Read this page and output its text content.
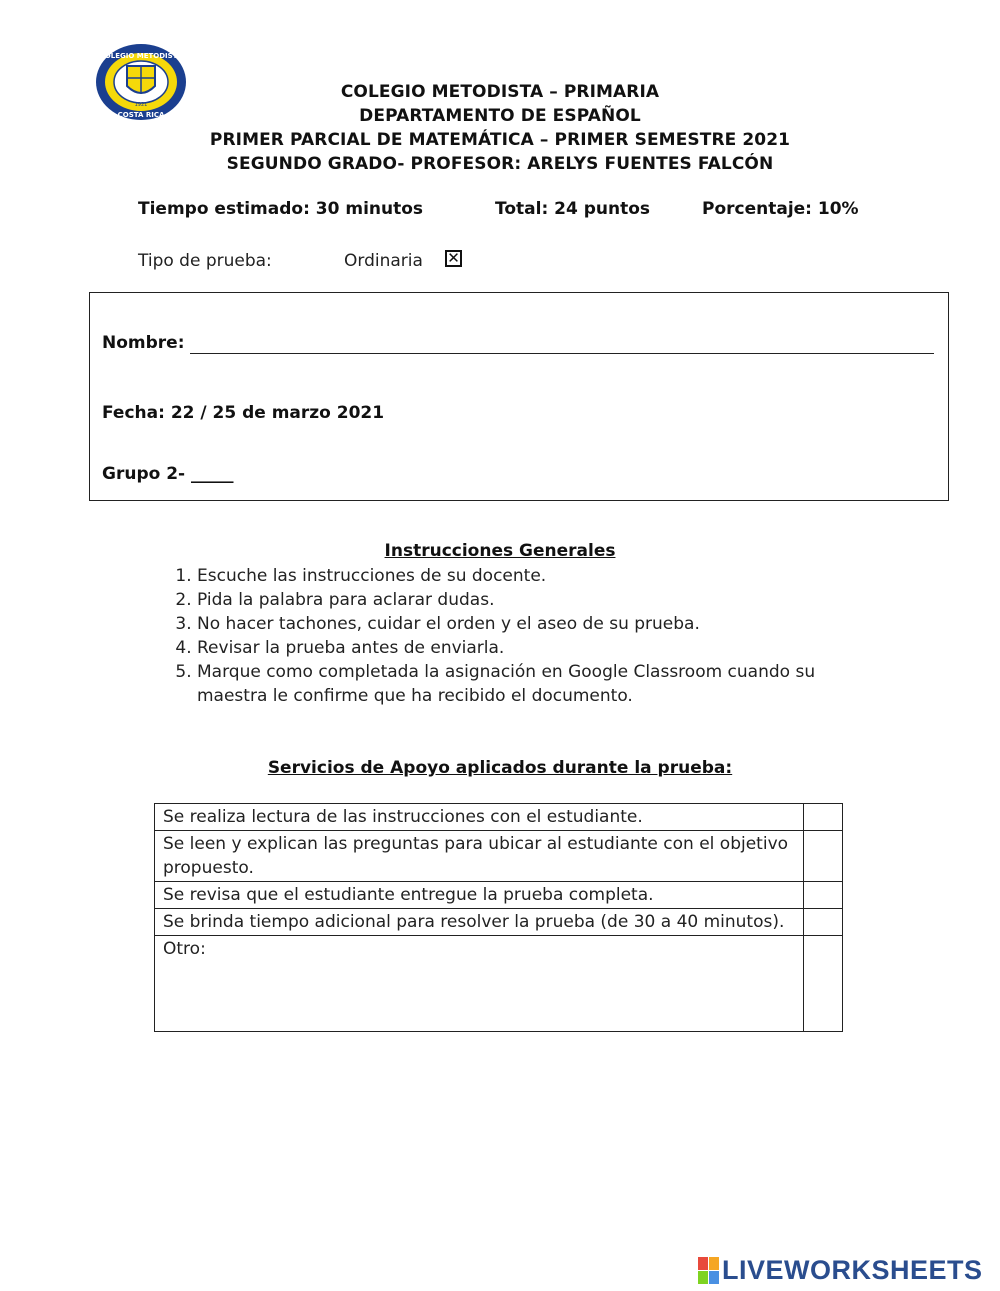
COLEGIO METODISTA
COSTA RICA
1921
COLEGIO METODISTA – PRIMARIA
DEPARTAMENTO DE ESPAÑOL
PRIMER PARCIAL DE MATEMÁTICA – PRIMER SEMESTRE 2021
SEGUNDO GRADO- PROFESOR: ARELYS FUENTES FALCÓN
Tiempo estimado: 30 minutos	Total: 24 puntos	Porcentaje: 10%
Tipo de prueba:	Ordinaria ✕
Nombre:
Fecha: 22 / 25 de marzo 2021
Grupo 2- _____
Instrucciones Generales
1. Escuche las instrucciones de su docente.
2. Pida la palabra para aclarar dudas.
3. No hacer tachones, cuidar el orden y el aseo de su prueba.
4. Revisar la prueba antes de enviarla.
5. Marque como completada la asignación en Google Classroom cuando su maestra le confirme que ha recibido el documento.
Servicios de Apoyo aplicados durante la prueba:
Se realiza lectura de las instrucciones con el estudiante.	
Se leen y explican las preguntas para ubicar al estudiante con el objetivo propuesto.	
Se revisa que el estudiante entregue la prueba completa.	
Se brinda tiempo adicional para resolver la prueba (de 30 a 40 minutos).	
Otro:	
LIVEWORKSHEETS
